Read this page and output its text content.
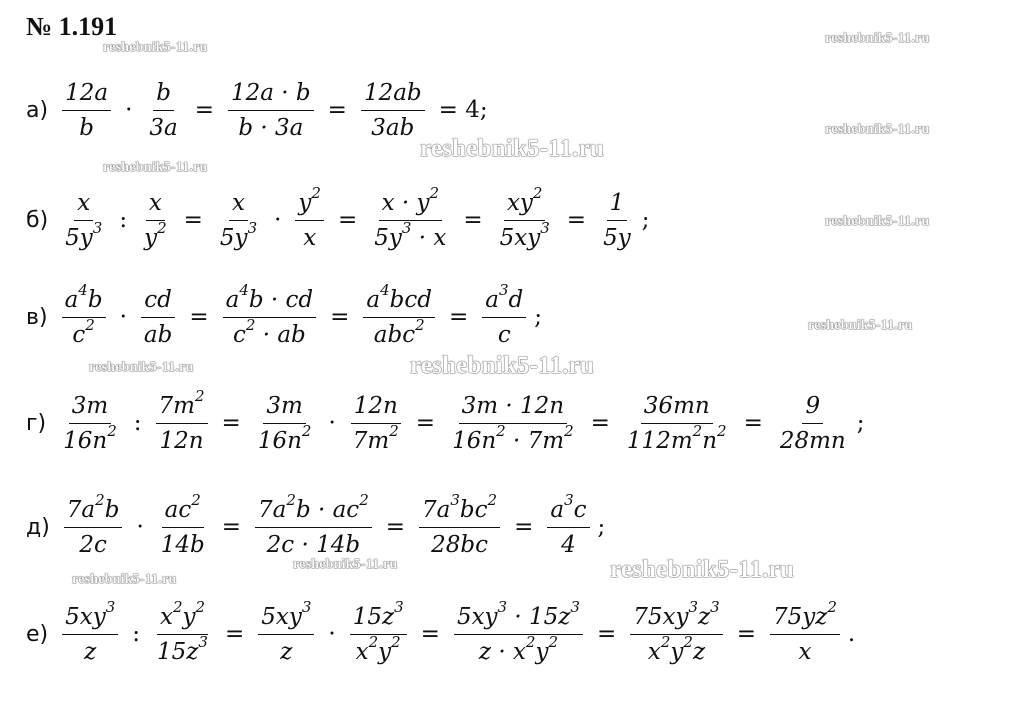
№ 1.191
reshebnik5-11.ru
reshebnik5-11.ru
reshebnik5-11.ru
reshebnik5-11.ru
reshebnik5-11.ru
reshebnik5-11.ru
reshebnik5-11.ru
reshebnik5-11.ru	reshebnik5-11.ru
reshebnik5-11.ru	reshebnik5-11.ru
reshebnik5-11.ru
$а) \frac{12a}{b} \cdot \frac{b}{3a} = \frac{12a \cdot b}{b \cdot 3a} = \frac{12ab}{3ab} = 4$;
$б) \frac{x}{5y^3}$ : $\frac{x}{y^2} = \frac{x}{5y^3} \cdot \frac{y^2}{x} = \frac{x \cdot y^2}{5y^3 \cdot x} = \frac{xy^2}{5xy^3} = \frac{1}{5y}$ ;
$в) \frac{a^4b}{c^2} \cdot \frac{cd}{ab} = \frac{a^4b \cdot cd}{c^2 \cdot ab} = \frac{a^4bcd}{abc^2} = \frac{a^3d}{c}$ ;
$г) \frac{3m}{16n^2}$ : $\frac{7m^2}{12n} = \frac{3m}{16n^2} \cdot \frac{12n}{7m^2} = \frac{3m \cdot 12n}{16n^2 \cdot 7m^2} = \frac{36mn}{112m^2n^2} = \frac{9}{28mn}$ ;
$д) \frac{7a^2b}{2c} \cdot \frac{ac^2}{14b} = \frac{7a^2b \cdot ac^2}{2c \cdot 14b} = \frac{7a^3bc^2}{28bc} = \frac{a^3c}{4}$ ;
$е) \frac{5xy^3}{z}$ : $\frac{x^2y^2}{15z^3} = \frac{5xy^3}{z} \cdot \frac{15z^3}{x^2y^2} = \frac{5xy^3 \cdot 15z^3}{z \cdot x^2y^2} = \frac{75xy^3z^3}{x^2y^2z} = \frac{75yz^2}{x}$ .
